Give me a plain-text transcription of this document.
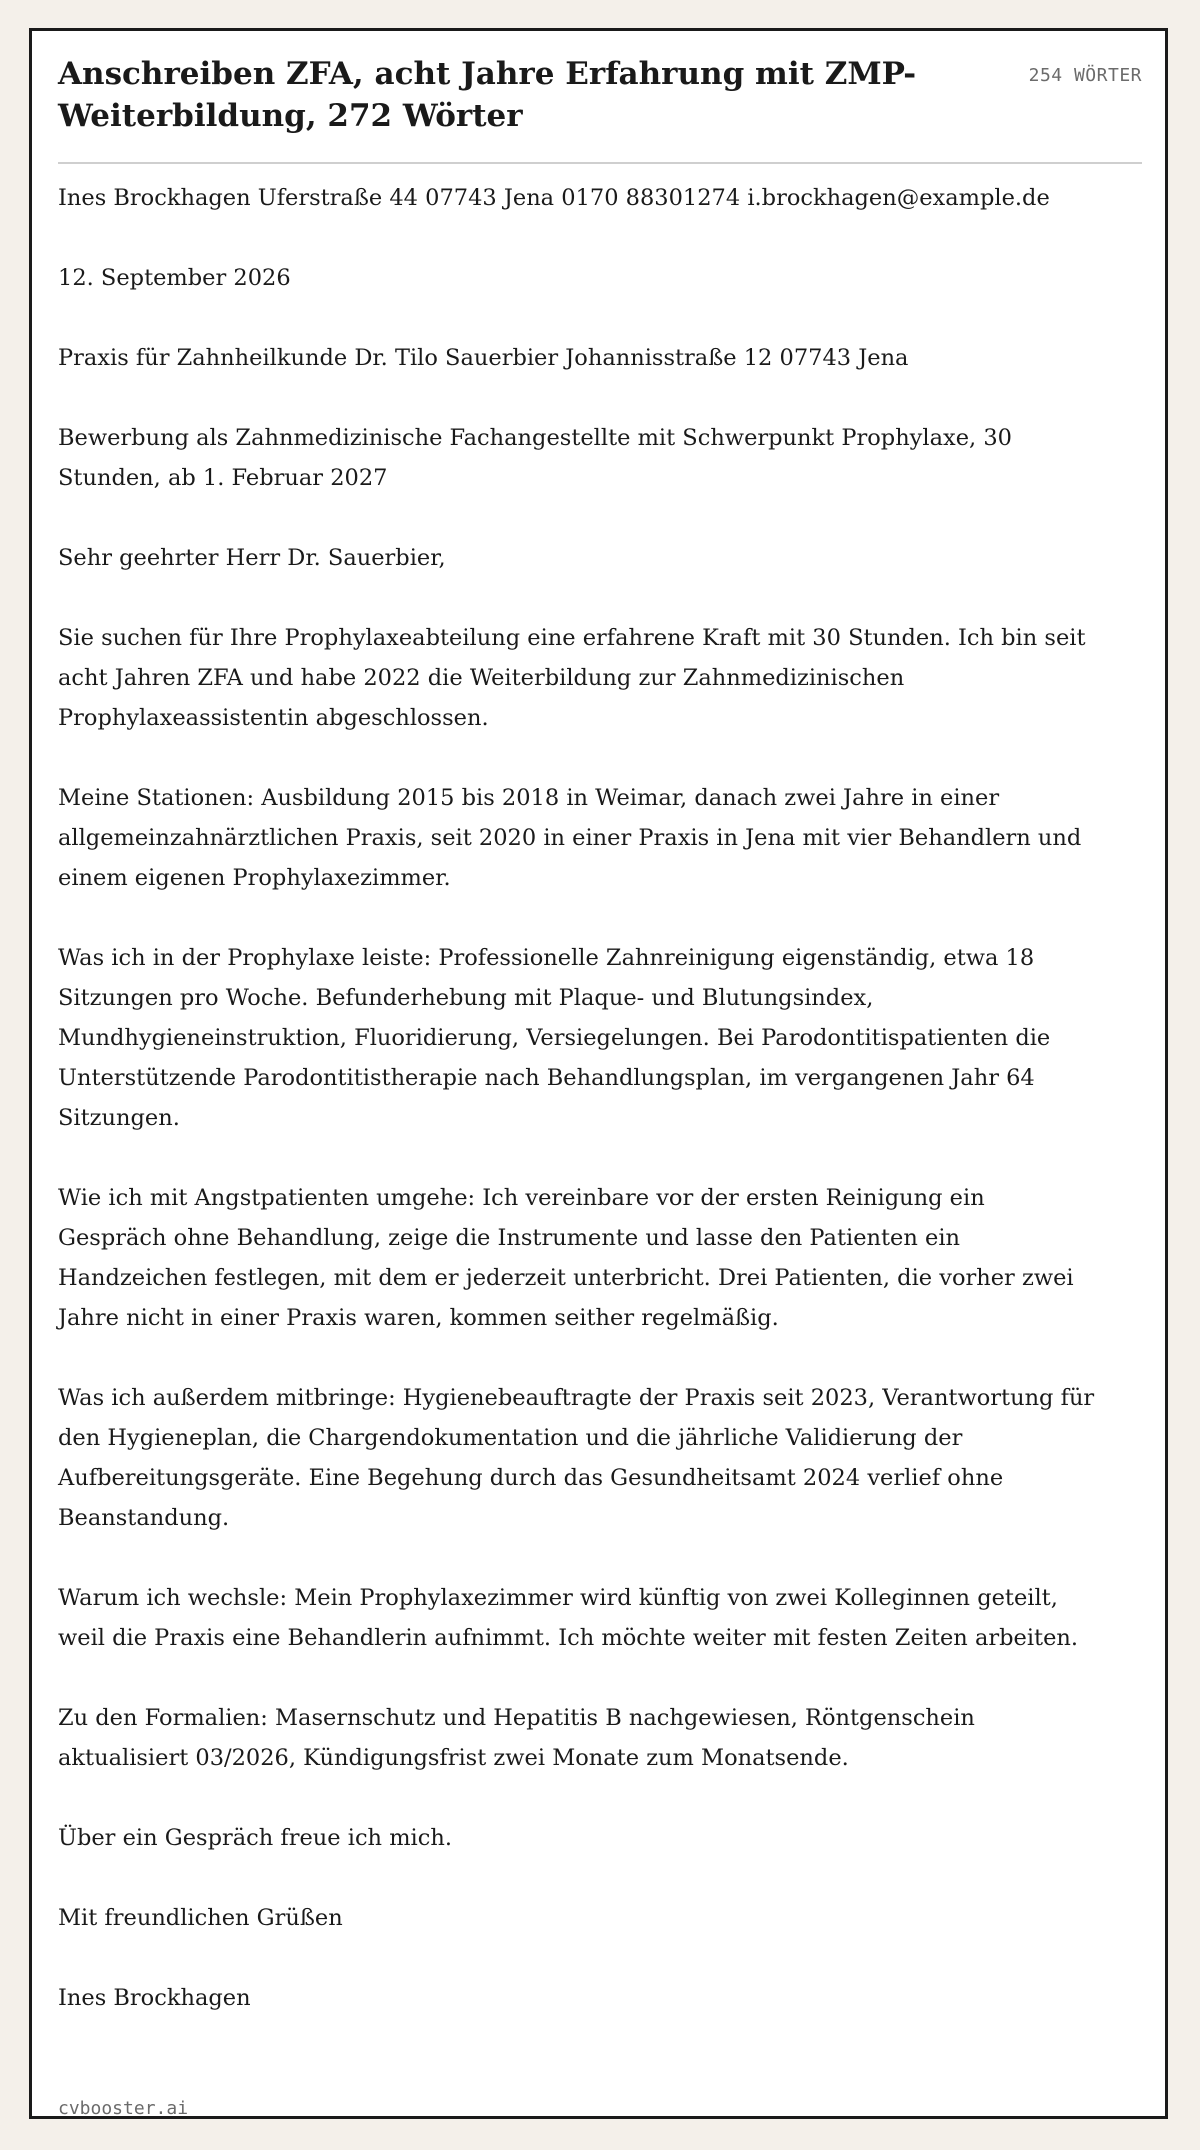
Anschreiben ZFA, acht Jahre Erfahrung mit ZMP-Weiterbildung, 272 Wörter
254 WÖRTER

Ines Brockhagen Uferstraße 44 07743 Jena 0170 88301274 i.brockhagen@example.de

12. September 2026

Praxis für Zahnheilkunde Dr. Tilo Sauerbier Johannisstraße 12 07743 Jena

Bewerbung als Zahnmedizinische Fachangestellte mit Schwerpunkt Prophylaxe, 30 Stunden, ab 1. Februar 2027

Sehr geehrter Herr Dr. Sauerbier,

Sie suchen für Ihre Prophylaxeabteilung eine erfahrene Kraft mit 30 Stunden. Ich bin seit acht Jahren ZFA und habe 2022 die Weiterbildung zur Zahnmedizinischen Prophylaxeassistentin abgeschlossen.

Meine Stationen: Ausbildung 2015 bis 2018 in Weimar, danach zwei Jahre in einer allgemeinzahnärztlichen Praxis, seit 2020 in einer Praxis in Jena mit vier Behandlern und einem eigenen Prophylaxezimmer.

Was ich in der Prophylaxe leiste: Professionelle Zahnreinigung eigenständig, etwa 18 Sitzungen pro Woche. Befunderhebung mit Plaque- und Blutungsindex, Mundhygieneinstruktion, Fluoridierung, Versiegelungen. Bei Parodontitispatienten die Unterstützende Parodontitistherapie nach Behandlungsplan, im vergangenen Jahr 64 Sitzungen.

Wie ich mit Angstpatienten umgehe: Ich vereinbare vor der ersten Reinigung ein Gespräch ohne Behandlung, zeige die Instrumente und lasse den Patienten ein Handzeichen festlegen, mit dem er jederzeit unterbricht. Drei Patienten, die vorher zwei Jahre nicht in einer Praxis waren, kommen seither regelmäßig.

Was ich außerdem mitbringe: Hygienebeauftragte der Praxis seit 2023, Verantwortung für den Hygieneplan, die Chargendokumentation und die jährliche Validierung der Aufbereitungsgeräte. Eine Begehung durch das Gesundheitsamt 2024 verlief ohne Beanstandung.

Warum ich wechsle: Mein Prophylaxezimmer wird künftig von zwei Kolleginnen geteilt, weil die Praxis eine Behandlerin aufnimmt. Ich möchte weiter mit festen Zeiten arbeiten.

Zu den Formalien: Masernschutz und Hepatitis B nachgewiesen, Röntgenschein aktualisiert 03/2026, Kündigungsfrist zwei Monate zum Monatsende.

Über ein Gespräch freue ich mich.

Mit freundlichen Grüßen

Ines Brockhagen

cvbooster.ai
